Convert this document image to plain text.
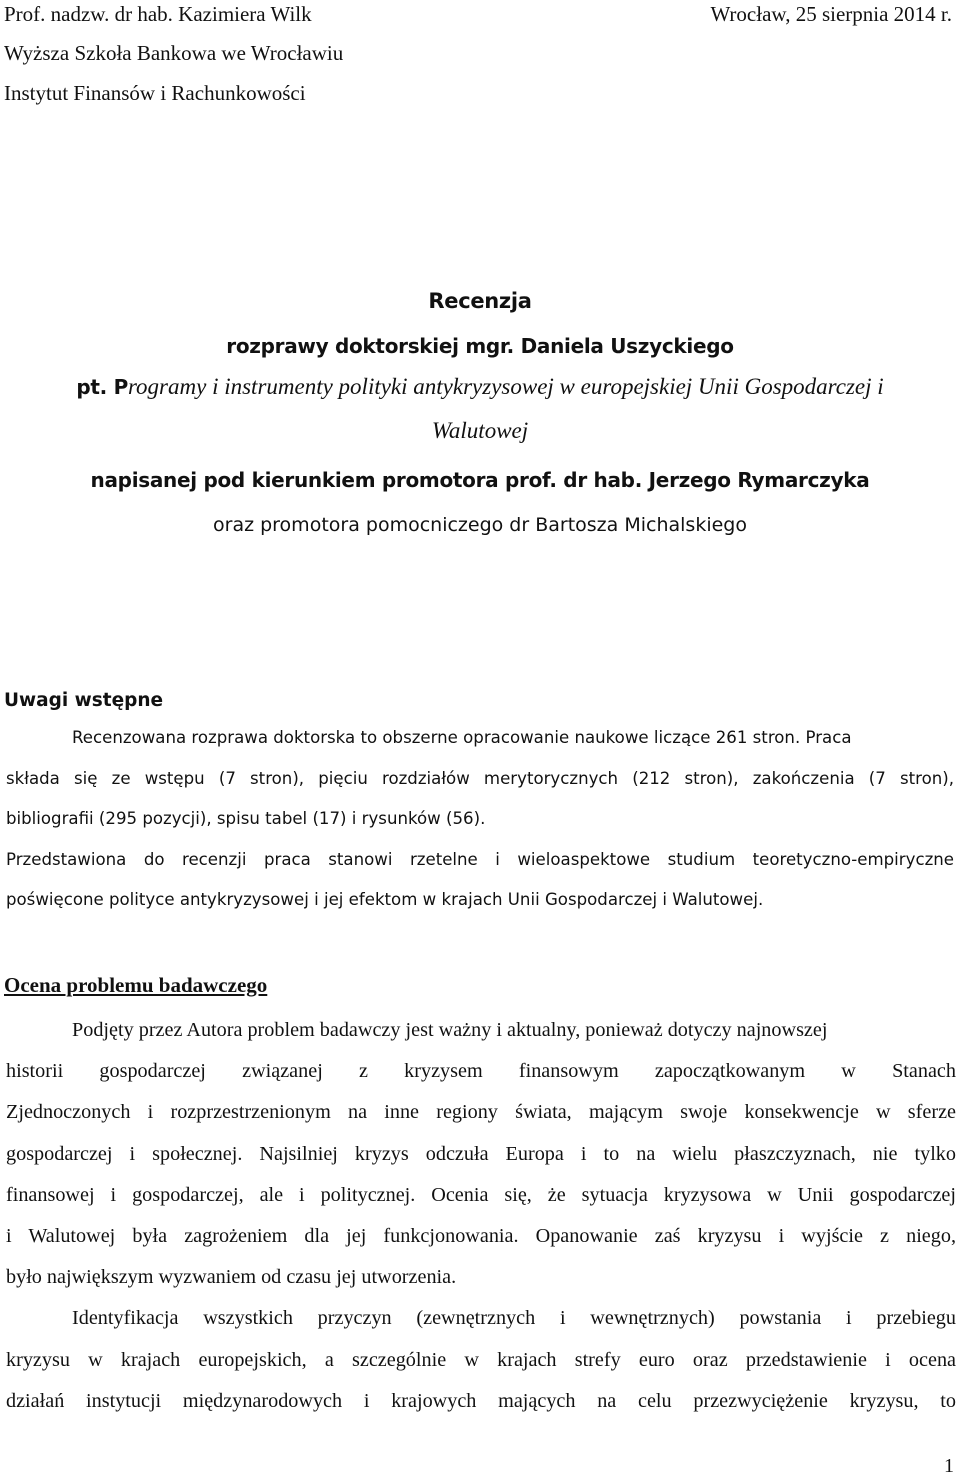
Prof. nadzw. dr hab. Kazimiera Wilk	Wrocław, 25 sierpnia 2014 r.
Wyższa Szkoła Bankowa we Wrocławiu
Instytut Finansów i Rachunkowości
Recenzja
rozprawy doktorskiej mgr. Daniela Uszyckiego
pt. Programy i instrumenty polityki antykryzysowej w europejskiej Unii Gospodarczej i
Walutowej
napisanej pod kierunkiem promotora prof. dr hab. Jerzego Rymarczyka
oraz promotora pomocniczego dr Bartosza Michalskiego
Uwagi wstępne
Recenzowana rozprawa doktorska to obszerne opracowanie naukowe liczące 261 stron. Praca
składa się ze wstępu (7 stron), pięciu rozdziałów merytorycznych (212 stron), zakończenia (7 stron),
bibliografii (295 pozycji), spisu tabel (17) i rysunków (56).
Przedstawiona do recenzji praca stanowi rzetelne i wieloaspektowe studium teoretyczno-empiryczne
poświęcone polityce antykryzysowej i jej efektom w krajach Unii Gospodarczej i Walutowej.
Ocena problemu badawczego
Podjęty przez Autora problem badawczy jest ważny i aktualny, ponieważ dotyczy najnowszej
historii gospodarczej związanej z kryzysem finansowym zapoczątkowanym w Stanach
Zjednoczonych i rozprzestrzenionym na inne regiony świata, mającym swoje konsekwencje w sferze
gospodarczej i społecznej. Najsilniej kryzys odczuła Europa i to na wielu płaszczyznach, nie tylko
finansowej i gospodarczej, ale i politycznej. Ocenia się, że sytuacja kryzysowa w Unii gospodarczej
i Walutowej była zagrożeniem dla jej funkcjonowania. Opanowanie zaś kryzysu i wyjście z niego,
było największym wyzwaniem od czasu jej utworzenia.
Identyfikacja wszystkich przyczyn (zewnętrznych i wewnętrznych) powstania i przebiegu
kryzysu w krajach europejskich, a szczególnie w krajach strefy euro oraz przedstawienie i ocena
działań instytucji międzynarodowych i krajowych mających na celu przezwyciężenie kryzysu, to
1
